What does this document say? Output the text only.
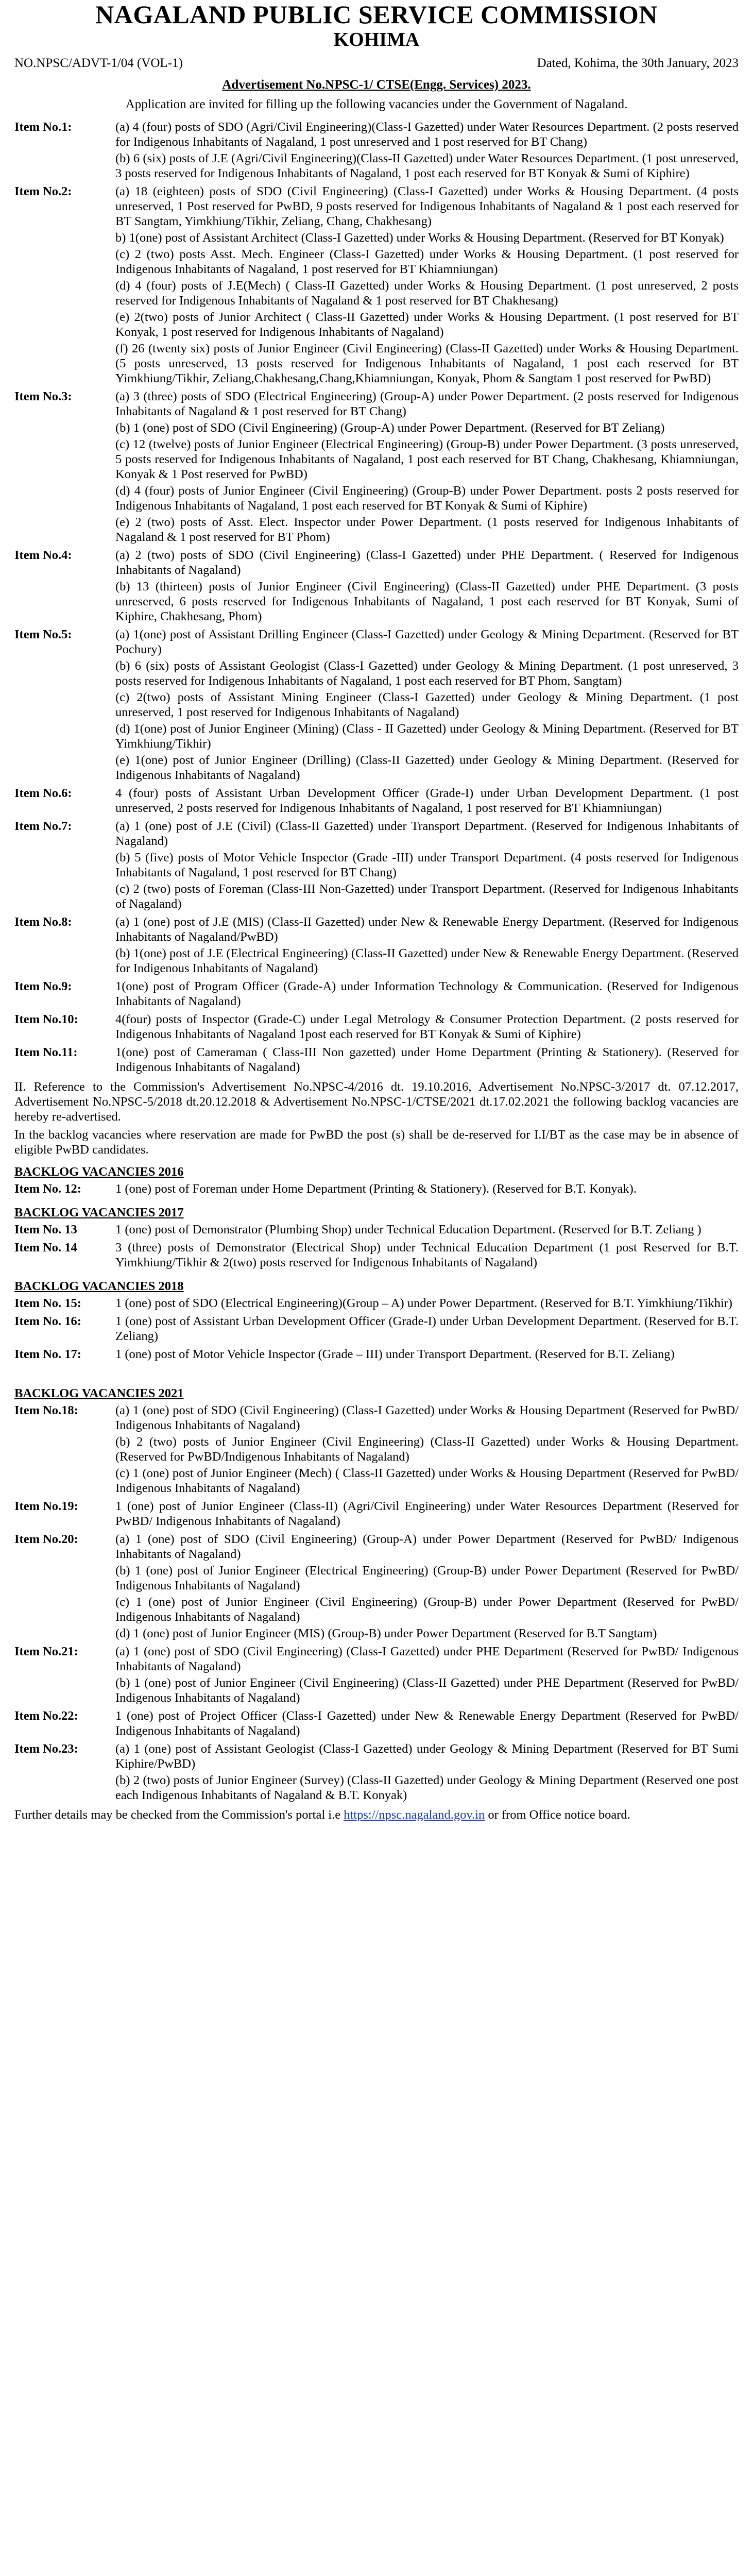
NAGALAND PUBLIC SERVICE COMMISSION
KOHIMA
NO.NPSC/ADVT-1/04 (VOL-1)	Dated, Kohima, the 30th January, 2023
Advertisement No.NPSC-1/ CTSE(Engg. Services) 2023.
Application are invited for filling up the following vacancies under the Government of Nagaland.
Item No.1:	(a) 4 (four) posts of SDO (Agri/Civil Engineering)(Class-I Gazetted) under Water Resources Department. (2 posts reserved for Indigenous Inhabitants of Nagaland, 1 post unreserved and 1 post reserved for BT Chang)
(b) 6 (six) posts of J.E (Agri/Civil Engineering)(Class-II Gazetted) under Water Resources Department. (1 post unreserved, 3 posts reserved for Indigenous Inhabitants of Nagaland, 1 post each reserved for BT Konyak & Sumi of Kiphire)
Item No.2:	(a) 18 (eighteen) posts of SDO (Civil Engineering) (Class-I Gazetted) under Works & Housing Department. (4 posts unreserved, 1 Post reserved for PwBD, 9 posts reserved for Indigenous Inhabitants of Nagaland & 1 post each reserved for BT Sangtam, Yimkhiung/Tikhir, Zeliang, Chang, Chakhesang)
b) 1(one) post of Assistant Architect (Class-I Gazetted) under Works & Housing Department. (Reserved for BT Konyak)
(c) 2 (two) posts Asst. Mech. Engineer (Class-I Gazetted) under Works & Housing Department. (1 post reserved for Indigenous Inhabitants of Nagaland, 1 post reserved for BT Khiamniungan)
(d) 4 (four) posts of J.E(Mech) ( Class-II Gazetted) under Works & Housing Department. (1 post unreserved, 2 posts reserved for Indigenous Inhabitants of Nagaland & 1 post reserved for BT Chakhesang)
(e) 2(two) posts of Junior Architect ( Class-II Gazetted) under Works & Housing Department. (1 post reserved for BT Konyak, 1 post reserved for Indigenous Inhabitants of Nagaland)
(f) 26 (twenty six) posts of Junior Engineer (Civil Engineering) (Class-II Gazetted) under Works & Housing Department. (5 posts unreserved, 13 posts reserved for Indigenous Inhabitants of Nagaland, 1 post each reserved for BT Yimkhiung/Tikhir, Zeliang,Chakhesang,Chang,Khiamniungan, Konyak, Phom & Sangtam 1 post reserved for PwBD)
Item No.3:	(a) 3 (three) posts of SDO (Electrical Engineering) (Group-A) under Power Department. (2 posts reserved for Indigenous Inhabitants of Nagaland & 1 post reserved for BT Chang)
(b) 1 (one) post of SDO (Civil Engineering) (Group-A) under Power Department. (Reserved for BT Zeliang)
(c) 12 (twelve) posts of Junior Engineer (Electrical Engineering) (Group-B) under Power Department. (3 posts unreserved, 5 posts reserved for Indigenous Inhabitants of Nagaland, 1 post each reserved for BT Chang, Chakhesang, Khiamniungan, Konyak & 1 Post reserved for PwBD)
(d) 4 (four) posts of Junior Engineer (Civil Engineering) (Group-B) under Power Department. posts 2 posts reserved for Indigenous Inhabitants of Nagaland, 1 post each reserved for BT Konyak & Sumi of Kiphire)
(e) 2 (two) posts of Asst. Elect. Inspector under Power Department. (1 posts reserved for Indigenous Inhabitants of Nagaland & 1 post reserved for BT Phom)
Item No.4:	(a) 2 (two) posts of SDO (Civil Engineering) (Class-I Gazetted) under PHE Department. ( Reserved for Indigenous Inhabitants of Nagaland)
(b) 13 (thirteen) posts of Junior Engineer (Civil Engineering) (Class-II Gazetted) under PHE Department. (3 posts unreserved, 6 posts reserved for Indigenous Inhabitants of Nagaland, 1 post each reserved for BT Konyak, Sumi of Kiphire, Chakhesang, Phom)
Item No.5:	(a) 1(one) post of Assistant Drilling Engineer (Class-I Gazetted) under Geology & Mining Department. (Reserved for BT Pochury)
(b) 6 (six) posts of Assistant Geologist (Class-I Gazetted) under Geology & Mining Department. (1 post unreserved, 3 posts reserved for Indigenous Inhabitants of Nagaland, 1 post each reserved for BT Phom, Sangtam)
(c) 2(two) posts of Assistant Mining Engineer (Class-I Gazetted) under Geology & Mining Department. (1 post unreserved, 1 post reserved for Indigenous Inhabitants of Nagaland)
(d) 1(one) post of Junior Engineer (Mining) (Class - II Gazetted) under Geology & Mining Department. (Reserved for BT Yimkhiung/Tikhir)
(e) 1(one) post of Junior Engineer (Drilling) (Class-II Gazetted) under Geology & Mining Department. (Reserved for Indigenous Inhabitants of Nagaland)
Item No.6:	4 (four) posts of Assistant Urban Development Officer (Grade-I) under Urban Development Department. (1 post unreserved, 2 posts reserved for Indigenous Inhabitants of Nagaland, 1 post reserved for BT Khiamniungan)
Item No.7:	(a) 1 (one) post of J.E (Civil) (Class-II Gazetted) under Transport Department. (Reserved for Indigenous Inhabitants of Nagaland)
(b) 5 (five) posts of Motor Vehicle Inspector (Grade -III) under Transport Department. (4 posts reserved for Indigenous Inhabitants of Nagaland, 1 post reserved for BT Chang)
(c) 2 (two) posts of Foreman (Class-III Non-Gazetted) under Transport Department. (Reserved for Indigenous Inhabitants of Nagaland)
Item No.8:	(a) 1 (one) post of J.E (MIS) (Class-II Gazetted) under New & Renewable Energy Department. (Reserved for Indigenous Inhabitants of Nagaland/PwBD)
(b) 1(one) post of J.E (Electrical Engineering) (Class-II Gazetted) under New & Renewable Energy Department. (Reserved for Indigenous Inhabitants of Nagaland)
Item No.9:	1(one) post of Program Officer (Grade-A) under Information Technology & Communication. (Reserved for Indigenous Inhabitants of Nagaland)
Item No.10:	4(four) posts of Inspector (Grade-C) under Legal Metrology & Consumer Protection Department. (2 posts reserved for Indigenous Inhabitants of Nagaland 1post each reserved for BT Konyak & Sumi of Kiphire)
Item No.11:	1(one) post of Cameraman ( Class-III Non gazetted) under Home Department (Printing & Stationery). (Reserved for Indigenous Inhabitants of Nagaland)
II. Reference to the Commission's Advertisement No.NPSC-4/2016 dt. 19.10.2016, Advertisement No.NPSC-3/2017 dt. 07.12.2017, Advertisement No.NPSC-5/2018 dt.20.12.2018 & Advertisement No.NPSC-1/CTSE/2021 dt.17.02.2021 the following backlog vacancies are hereby re-advertised.
In the backlog vacancies where reservation are made for PwBD the post (s) shall be de-reserved for I.I/BT as the case may be in absence of eligible PwBD candidates.
BACKLOG VACANCIES 2016
Item No. 12:	1 (one) post of Foreman under Home Department (Printing & Stationery). (Reserved for B.T. Konyak).
BACKLOG VACANCIES 2017
Item No. 13	1 (one) post of Demonstrator (Plumbing Shop) under Technical Education Department. (Reserved for B.T. Zeliang )
Item No. 14	3 (three) posts of Demonstrator (Electrical Shop) under Technical Education Department (1 post Reserved for B.T. Yimkhiung/Tikhir & 2(two) posts reserved for Indigenous Inhabitants of Nagaland)
BACKLOG VACANCIES 2018
Item No. 15:	1 (one) post of SDO (Electrical Engineering)(Group – A) under Power Department. (Reserved for B.T. Yimkhiung/Tikhir)
Item No. 16:	1 (one) post of Assistant Urban Development Officer (Grade-I) under Urban Development Department. (Reserved for B.T. Zeliang)
Item No. 17:	1 (one) post of Motor Vehicle Inspector (Grade – III) under Transport Department. (Reserved for B.T. Zeliang)
BACKLOG VACANCIES 2021
Item No.18:	(a) 1 (one) post of SDO (Civil Engineering) (Class-I Gazetted) under Works & Housing Department (Reserved for PwBD/ Indigenous Inhabitants of Nagaland)
(b) 2 (two) posts of Junior Engineer (Civil Engineering) (Class-II Gazetted) under Works & Housing Department. (Reserved for PwBD/Indigenous Inhabitants of Nagaland)
(c) 1 (one) post of Junior Engineer (Mech) ( Class-II Gazetted) under Works & Housing Department (Reserved for PwBD/ Indigenous Inhabitants of Nagaland)
Item No.19:	1 (one) post of Junior Engineer (Class-II) (Agri/Civil Engineering) under Water Resources Department (Reserved for PwBD/ Indigenous Inhabitants of Nagaland)
Item No.20:	(a) 1 (one) post of SDO (Civil Engineering) (Group-A) under Power Department (Reserved for PwBD/ Indigenous Inhabitants of Nagaland)
(b) 1 (one) post of Junior Engineer (Electrical Engineering) (Group-B) under Power Department (Reserved for PwBD/ Indigenous Inhabitants of Nagaland)
(c) 1 (one) post of Junior Engineer (Civil Engineering) (Group-B) under Power Department (Reserved for PwBD/ Indigenous Inhabitants of Nagaland)
(d) 1 (one) post of Junior Engineer (MIS) (Group-B) under Power Department (Reserved for B.T Sangtam)
Item No.21:	(a) 1 (one) post of SDO (Civil Engineering) (Class-I Gazetted) under PHE Department (Reserved for PwBD/ Indigenous Inhabitants of Nagaland)
(b) 1 (one) post of Junior Engineer (Civil Engineering) (Class-II Gazetted) under PHE Department (Reserved for PwBD/ Indigenous Inhabitants of Nagaland)
Item No.22:	1 (one) post of Project Officer (Class-I Gazetted) under New & Renewable Energy Department (Reserved for PwBD/ Indigenous Inhabitants of Nagaland)
Item No.23:	(a) 1 (one) post of Assistant Geologist (Class-I Gazetted) under Geology & Mining Department (Reserved for BT Sumi Kiphire/PwBD)
(b) 2 (two) posts of Junior Engineer (Survey) (Class-II Gazetted) under Geology & Mining Department (Reserved one post each Indigenous Inhabitants of Nagaland & B.T. Konyak)
Further details may be checked from the Commission's portal i.e https://npsc.nagaland.gov.in or from Office notice board.
